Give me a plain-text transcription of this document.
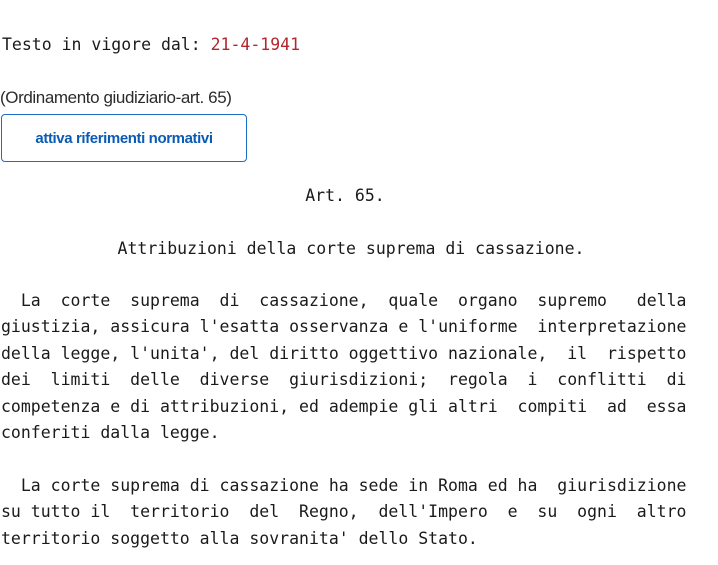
Testo in vigore dal: 21-4-1941
(Ordinamento giudiziario-art. 65)
attiva riferimenti normativi
Art. 65.
Attribuzioni della corte suprema di cassazione.
La  corte  suprema  di  cassazione,  quale  organo  supremo   della
giustizia, assicura l'esatta osservanza e l'uniforme  interpretazione
della legge, l'unita', del diritto oggettivo nazionale,  il  rispetto
dei  limiti  delle  diverse  giurisdizioni;  regola  i  conflitti  di
competenza e di attribuzioni, ed adempie gli altri  compiti  ad  essa
conferiti dalla legge.
La corte suprema di cassazione ha sede in Roma ed ha  giurisdizione
su tutto il  territorio  del  Regno,  dell'Impero  e  su  ogni  altro
territorio soggetto alla sovranita' dello Stato.
